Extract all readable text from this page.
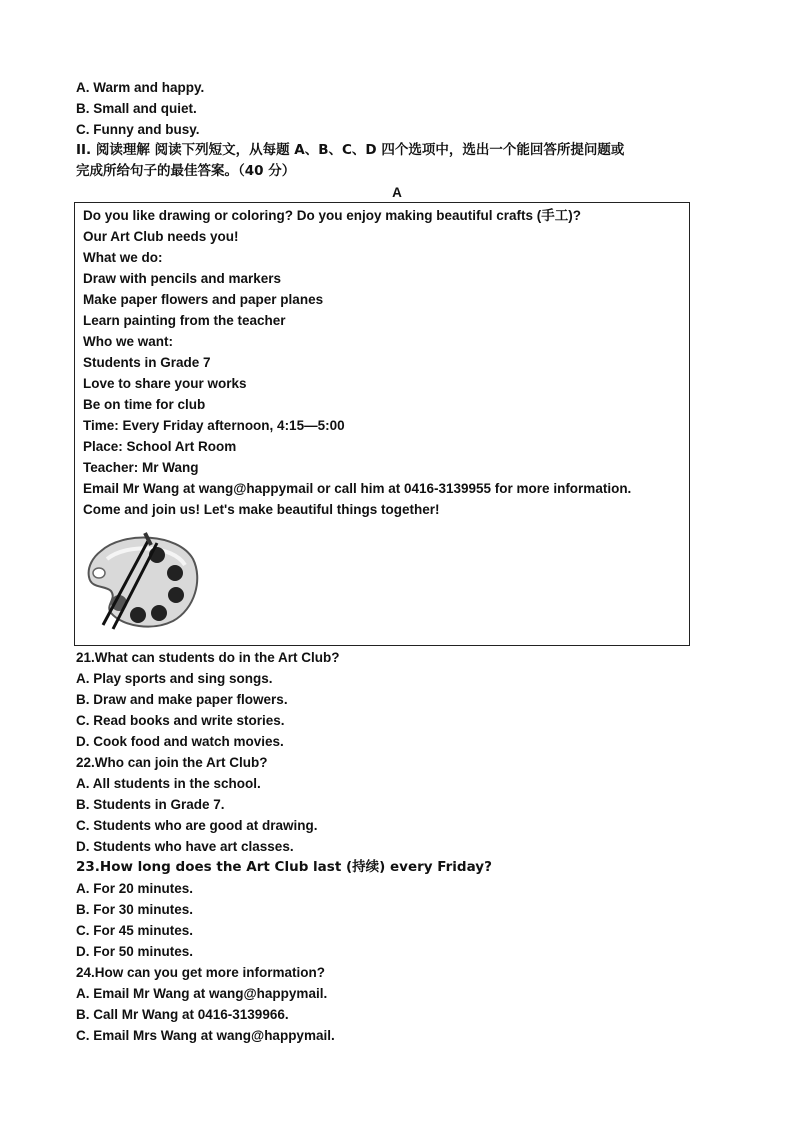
A. Warm and happy.
B. Small and quiet.
C. Funny and busy.
II. 阅读理解 阅读下列短文，从每题 A、B、C、D 四个选项中，选出一个能回答所提问题或
完成所给句子的最佳答案。（40 分）
A
Do you like drawing or coloring? Do you enjoy making beautiful crafts (手工)?
Our Art Club needs you!
What we do:
Draw with pencils and markers
Make paper flowers and paper planes
Learn painting from the teacher
Who we want:
Students in Grade 7
Love to share your works
Be on time for club
Time: Every Friday afternoon, 4:15—5:00
Place: School Art Room
Teacher: Mr Wang
Email Mr Wang at wang@happymail or call him at 0416-3139955 for more information.
Come and join us! Let's make beautiful things together!
21.What can students do in the Art Club?
A. Play sports and sing songs.
B. Draw and make paper flowers.
C. Read books and write stories.
D. Cook food and watch movies.
22.Who can join the Art Club?
A. All students in the school.
B. Students in Grade 7.
C. Students who are good at drawing.
D. Students who have art classes.
23.How long does the Art Club last (持续) every Friday?
A. For 20 minutes.
B. For 30 minutes.
C. For 45 minutes.
D. For 50 minutes.
24.How can you get more information?
A. Email Mr Wang at wang@happymail.
B. Call Mr Wang at 0416-3139966.
C. Email Mrs Wang at wang@happymail.
